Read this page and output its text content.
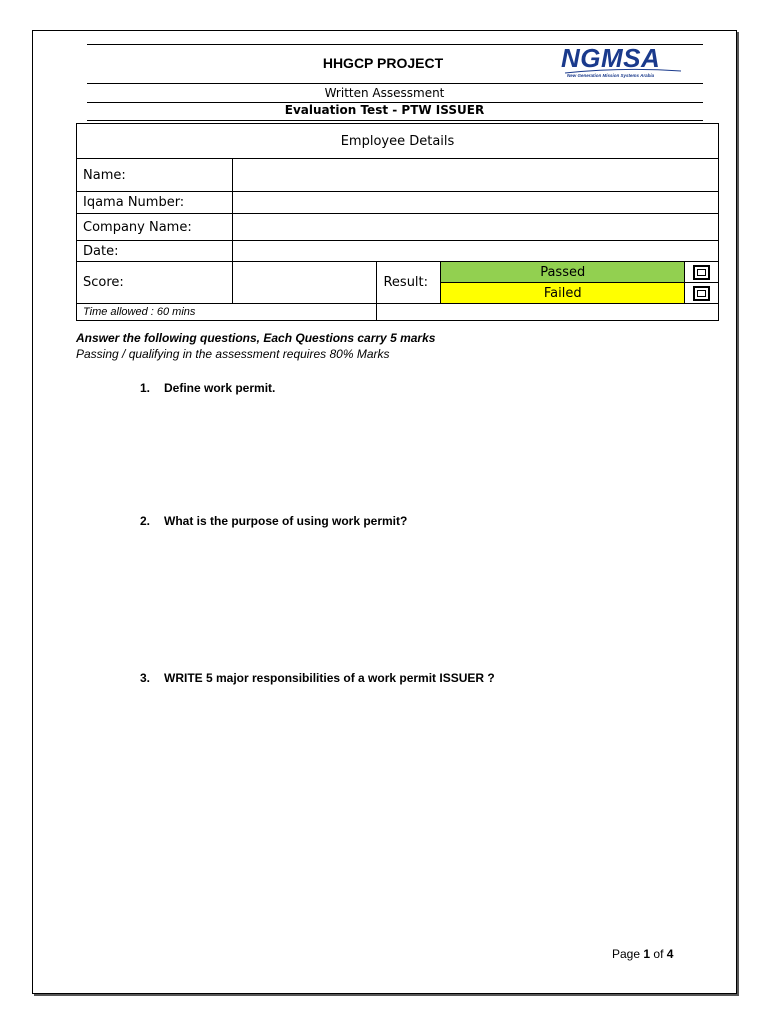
HHGCP PROJECT	NGMSA
New Generation Mission Systems Arabia
Written Assessment
Evaluation Test - PTW ISSUER
Employee Details				
Name:				
Iqama Number:				
Company Name:				
Date:				
Score:		Result:	Passed	
			Failed	
Time allowed : 60 mins				
Answer the following questions, Each Questions carry 5 marks
Passing / qualifying in the assessment requires 80% Marks
1. Define work permit.
2. What is the purpose of using work permit?
3. WRITE 5 major responsibilities of a work permit ISSUER ?
Page 1 of 4
